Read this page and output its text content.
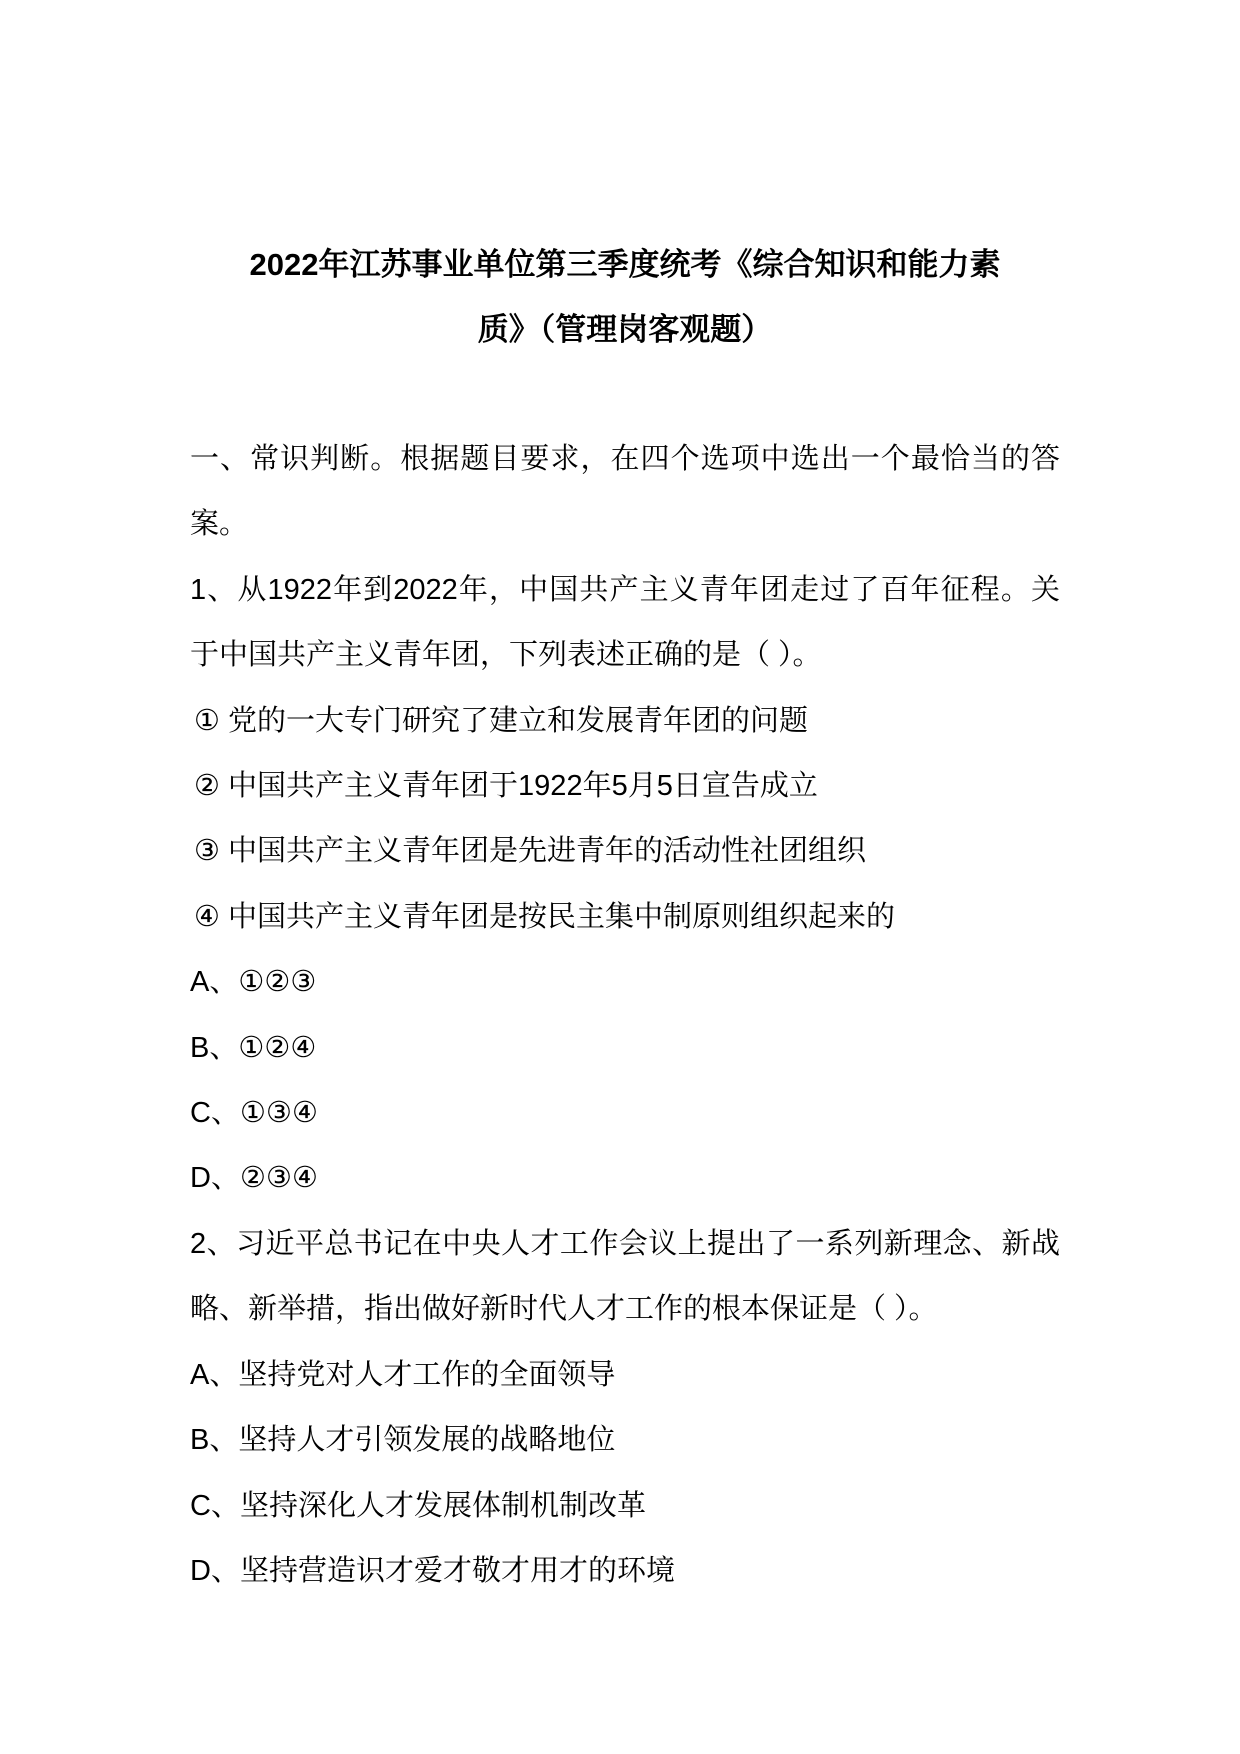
2022年江苏事业单位第三季度统考《综合知识和能力素
质》（管理岗客观题）

一、常识判断。根据题目要求，在四个选项中选出一个最恰当的答案。

1、从1922年到2022年，中国共产主义青年团走过了百年征程。关于中国共产主义青年团，下列表述正确的是（ ）。

① 党的一大专门研究了建立和发展青年团的问题

② 中国共产主义青年团于1922年5月5日宣告成立

③ 中国共产主义青年团是先进青年的活动性社团组织

④ 中国共产主义青年团是按民主集中制原则组织起来的

A、①②③

B、①②④

C、①③④

D、②③④

2、习近平总书记在中央人才工作会议上提出了一系列新理念、新战略、新举措，指出做好新时代人才工作的根本保证是（ ）。

A、坚持党对人才工作的全面领导

B、坚持人才引领发展的战略地位

C、坚持深化人才发展体制机制改革

D、坚持营造识才爱才敬才用才的环境
